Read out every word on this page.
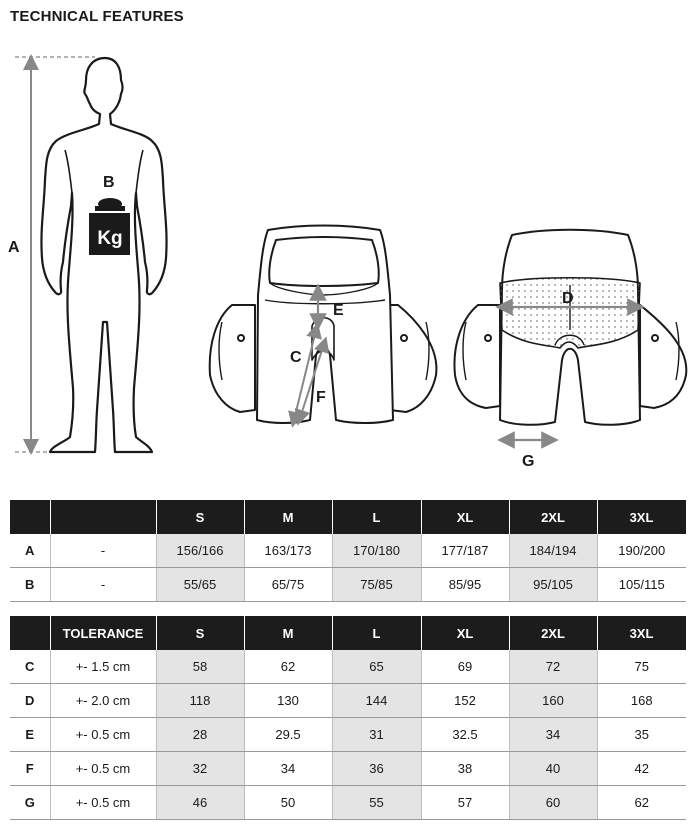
TECHNICAL FEATURES
A
B
Kg
E
C
F
D
G
		S	M	L	XL	2XL	3XL
A	-	156/166	163/173	170/180	177/187	184/194	190/200
B	-	55/65	65/75	75/85	85/95	95/105	105/115
	TOLERANCE	S	M	L	XL	2XL	3XL
C	+- 1.5 cm	58	62	65	69	72	75
D	+- 2.0 cm	118	130	144	152	160	168
E	+- 0.5 cm	28	29.5	31	32.5	34	35
F	+- 0.5 cm	32	34	36	38	40	42
G	+- 0.5 cm	46	50	55	57	60	62
